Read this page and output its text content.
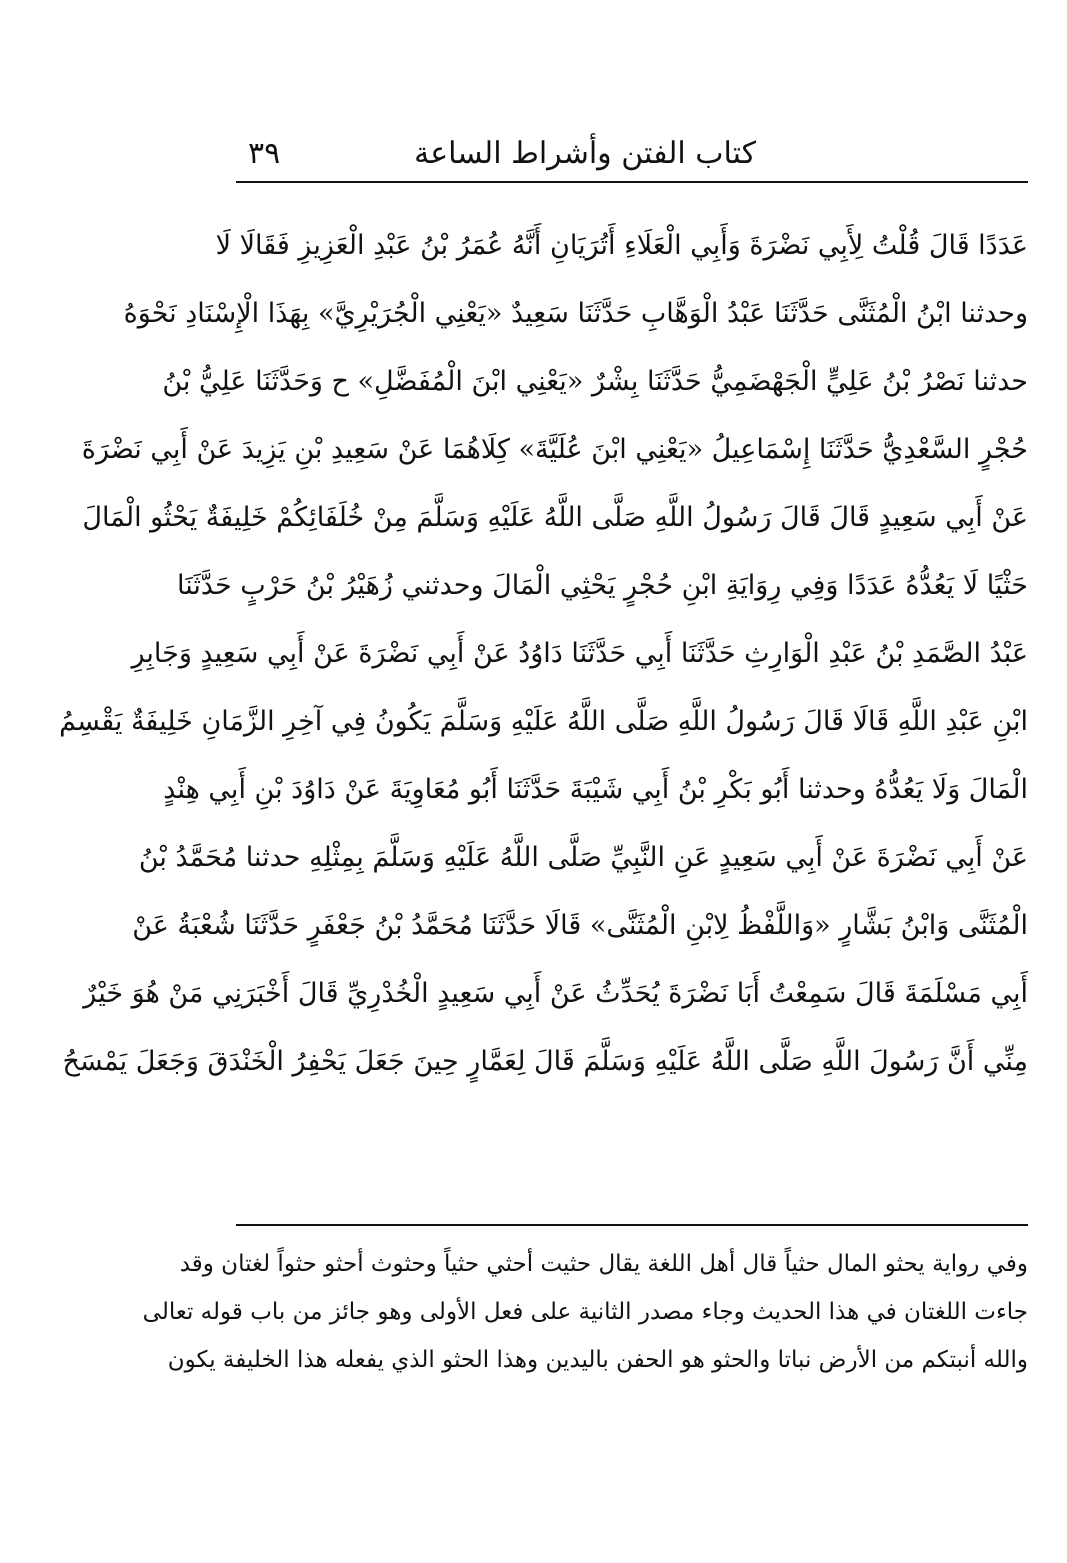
كتاب الفتن وأشراط الساعة
٣٩
عَدَدًا قَالَ قُلْتُ لِأَبِي نَضْرَةَ وَأَبِي الْعَلَاءِ أَتُرَيَانِ أَنَّهُ عُمَرُ بْنُ عَبْدِ الْعَزِيزِ فَقَالَا لَا
وحدثنا ابْنُ الْمُثَنَّى حَدَّثَنَا عَبْدُ الْوَهَّابِ حَدَّثَنَا سَعِيدٌ «يَعْنِي الْجُرَيْرِيَّ» بِهَذَا الْإِسْنَادِ نَحْوَهُ
حدثنا نَصْرُ بْنُ عَلِيٍّ الْجَهْضَمِيُّ حَدَّثَنَا بِشْرٌ «يَعْنِي ابْنَ الْمُفَضَّلِ» ح وَحَدَّثَنَا عَلِيُّ بْنُ
حُجْرٍ السَّعْدِيُّ حَدَّثَنَا إِسْمَاعِيلُ «يَعْنِي ابْنَ عُلَيَّةَ» كِلَاهُمَا عَنْ سَعِيدِ بْنِ يَزِيدَ عَنْ أَبِي نَضْرَةَ
عَنْ أَبِي سَعِيدٍ قَالَ قَالَ رَسُولُ اللَّهِ صَلَّى اللَّهُ عَلَيْهِ وَسَلَّمَ مِنْ خُلَفَائِكُمْ خَلِيفَةٌ يَحْثُو الْمَالَ
حَثْيًا لَا يَعُدُّهُ عَدَدًا وَفِي رِوَايَةِ ابْنِ حُجْرٍ يَحْثِي الْمَالَ وحدثني زُهَيْرُ بْنُ حَرْبٍ حَدَّثَنَا
عَبْدُ الصَّمَدِ بْنُ عَبْدِ الْوَارِثِ حَدَّثَنَا أَبِي حَدَّثَنَا دَاوُدُ عَنْ أَبِي نَضْرَةَ عَنْ أَبِي سَعِيدٍ وَجَابِرِ
ابْنِ عَبْدِ اللَّهِ قَالَا قَالَ رَسُولُ اللَّهِ صَلَّى اللَّهُ عَلَيْهِ وَسَلَّمَ يَكُونُ فِي آخِرِ الزَّمَانِ خَلِيفَةٌ يَقْسِمُ
الْمَالَ وَلَا يَعُدُّهُ وحدثنا أَبُو بَكْرِ بْنُ أَبِي شَيْبَةَ حَدَّثَنَا أَبُو مُعَاوِيَةَ عَنْ دَاوُدَ بْنِ أَبِي هِنْدٍ
عَنْ أَبِي نَضْرَةَ عَنْ أَبِي سَعِيدٍ عَنِ النَّبِيِّ صَلَّى اللَّهُ عَلَيْهِ وَسَلَّمَ بِمِثْلِهِ حدثنا مُحَمَّدُ بْنُ
الْمُثَنَّى وَابْنُ بَشَّارٍ «وَاللَّفْظُ لِابْنِ الْمُثَنَّى» قَالَا حَدَّثَنَا مُحَمَّدُ بْنُ جَعْفَرٍ حَدَّثَنَا شُعْبَةُ عَنْ
أَبِي مَسْلَمَةَ قَالَ سَمِعْتُ أَبَا نَضْرَةَ يُحَدِّثُ عَنْ أَبِي سَعِيدٍ الْخُدْرِيِّ قَالَ أَخْبَرَنِي مَنْ هُوَ خَيْرٌ
مِنِّي أَنَّ رَسُولَ اللَّهِ صَلَّى اللَّهُ عَلَيْهِ وَسَلَّمَ قَالَ لِعَمَّارٍ حِينَ جَعَلَ يَحْفِرُ الْخَنْدَقَ وَجَعَلَ يَمْسَحُ
وفي رواية يحثو المال حثياً قال أهل اللغة يقال حثيت أحثي حثياً وحثوث أحثو حثواً لغتان وقد
جاءت اللغتان في هذا الحديث وجاء مصدر الثانية على فعل الأولى وهو جائز من باب قوله تعالى
والله أنبتكم من الأرض نباتا والحثو هو الحفن باليدين وهذا الحثو الذي يفعله هذا الخليفة يكون
